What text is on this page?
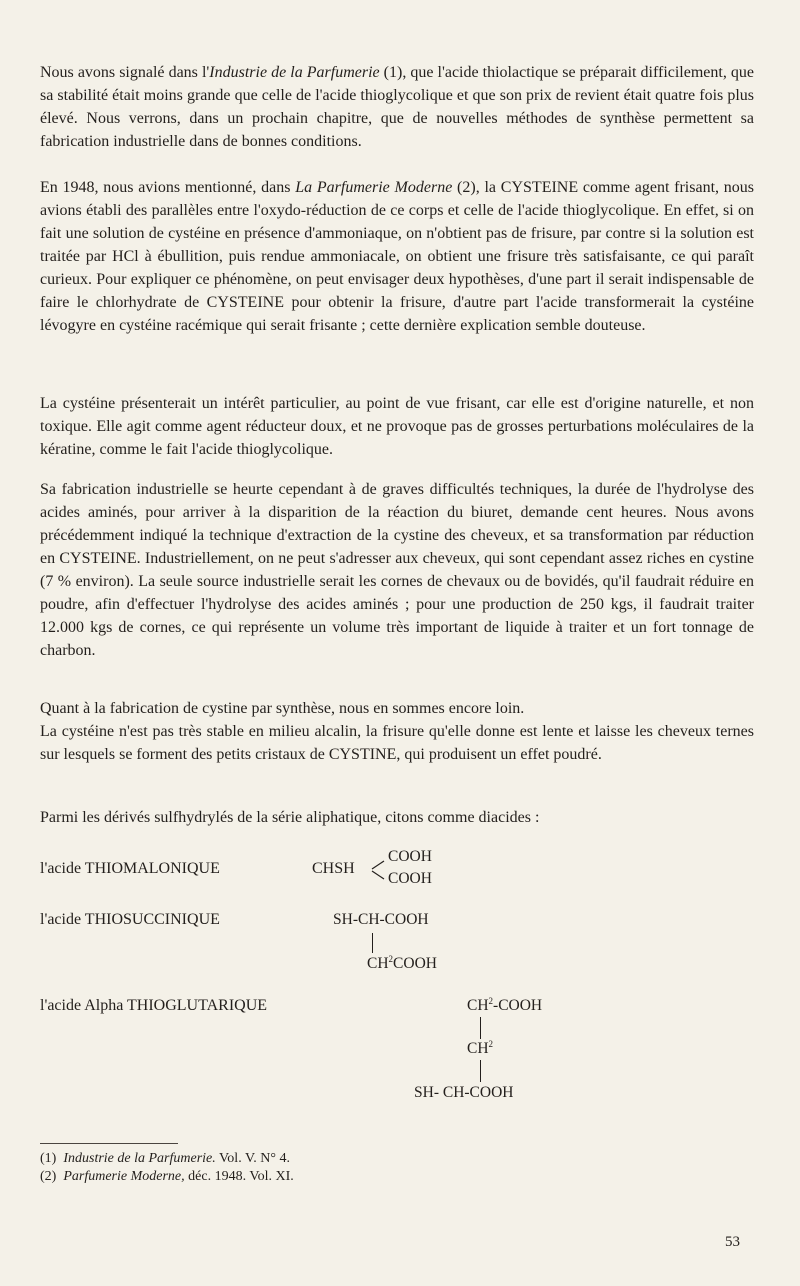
Nous avons signalé dans l'Industrie de la Parfumerie (1), que l'acide thiolactique se préparait difficilement, que sa stabilité était moins grande que celle de l'acide thioglycolique et que son prix de revient était quatre fois plus élevé. Nous verrons, dans un prochain chapitre, que de nouvelles méthodes de synthèse permettent sa fabrication industrielle dans de bonnes conditions.

En 1948, nous avions mentionné, dans La Parfumerie Moderne (2), la CYSTEINE comme agent frisant, nous avions établi des parallèles entre l'oxydo-réduction de ce corps et celle de l'acide thioglycolique. En effet, si on fait une solution de cystéine en présence d'ammoniaque, on n'obtient pas de frisure, par contre si la solution est traitée par HCl à ébullition, puis rendue ammoniacale, on obtient une frisure très satisfaisante, ce qui paraît curieux. Pour expliquer ce phénomène, on peut envisager deux hypothèses, d'une part il serait indispensable de faire le chlorhydrate de CYSTEINE pour obtenir la frisure, d'autre part l'acide transformerait la cystéine lévogyre en cystéine racémique qui serait frisante ; cette dernière explication semble douteuse.

La cystéine présenterait un intérêt particulier, au point de vue frisant, car elle est d'origine naturelle, et non toxique. Elle agit comme agent réducteur doux, et ne provoque pas de grosses perturbations moléculaires de la kératine, comme le fait l'acide thioglycolique.

Sa fabrication industrielle se heurte cependant à de graves difficultés techniques, la durée de l'hydrolyse des acides aminés, pour arriver à la disparition de la réaction du biuret, demande cent heures. Nous avons précédemment indiqué la technique d'extraction de la cystine des cheveux, et sa transformation par réduction en CYSTEINE. Industriellement, on ne peut s'adresser aux cheveux, qui sont cependant assez riches en cystine (7 % environ). La seule source industrielle serait les cornes de chevaux ou de bovidés, qu'il faudrait réduire en poudre, afin d'effectuer l'hydrolyse des acides aminés ; pour une production de 250 kgs, il faudrait traiter 12.000 kgs de cornes, ce qui représente un volume très important de liquide à traiter et un fort tonnage de charbon.

Quant à la fabrication de cystine par synthèse, nous en sommes encore loin.

La cystéine n'est pas très stable en milieu alcalin, la frisure qu'elle donne est lente et laisse les cheveux ternes sur lesquels se forment des petits cristaux de CYSTINE, qui produisent un effet poudré.

Parmi les dérivés sulfhydrylés de la série aliphatique, citons comme diacides :

l'acide THIOMALONIQUE	CHSH
COOH
COOH
l'acide THIOSUCCINIQUE	SH-CH-COOH
$CH^2COOH$
l'acide Alpha THIOGLUTARIQUE	$CH^2$-COOH
$CH^2$
SH- CH-COOH
(1) Industrie de la Parfumerie. Vol. V. N° 4.
(2) Parfumerie Moderne, déc. 1948. Vol. XI.
53
